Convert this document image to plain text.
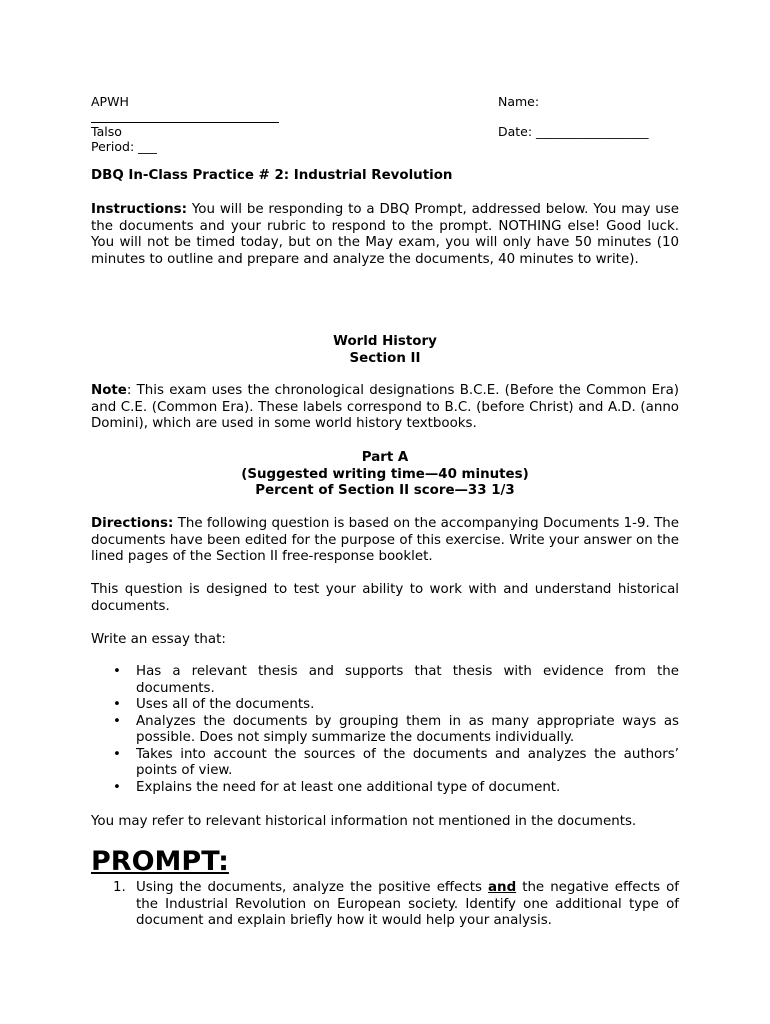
APWH
Talso
Period: ___
Name:
Date: __________________
DBQ In-Class Practice # 2: Industrial Revolution
Instructions: You will be responding to a DBQ Prompt, addressed below. You may use the documents and your rubric to respond to the prompt. NOTHING else! Good luck. You will not be timed today, but on the May exam, you will only have 50 minutes (10 minutes to outline and prepare and analyze the documents, 40 minutes to write).
World History
Section II
Note: This exam uses the chronological designations B.C.E. (Before the Common Era) and C.E. (Common Era). These labels correspond to B.C. (before Christ) and A.D. (anno Domini), which are used in some world history textbooks.
Part A
(Suggested writing time—40 minutes)
Percent of Section II score—33 1/3
Directions: The following question is based on the accompanying Documents 1-9. The documents have been edited for the purpose of this exercise. Write your answer on the lined pages of the Section II free-response booklet.
This question is designed to test your ability to work with and understand historical documents.
Write an essay that:
• Has a relevant thesis and supports that thesis with evidence from the documents.
• Uses all of the documents.
• Analyzes the documents by grouping them in as many appropriate ways as possible. Does not simply summarize the documents individually.
• Takes into account the sources of the documents and analyzes the authors’ points of view.
• Explains the need for at least one additional type of document.
You may refer to relevant historical information not mentioned in the documents.
PROMPT:
1. Using the documents, analyze the positive effects and the negative effects of the Industrial Revolution on European society. Identify one additional type of document and explain briefly how it would help your analysis.
